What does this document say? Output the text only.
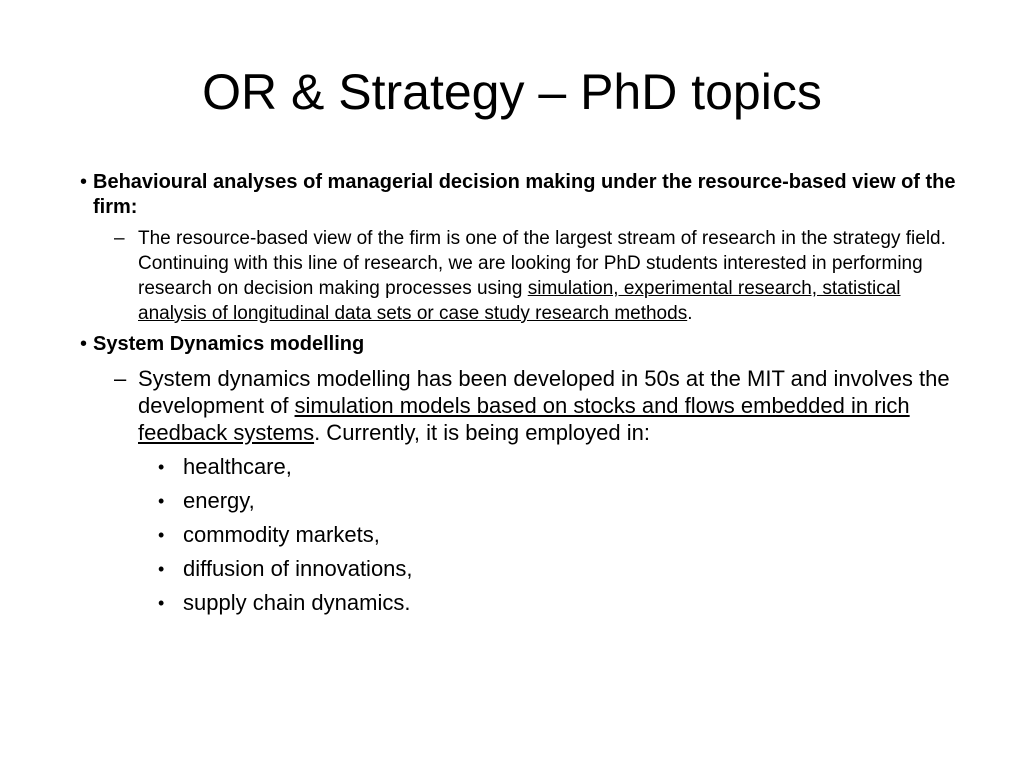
OR & Strategy – PhD topics
• Behavioural analyses of managerial decision making under the resource-based view of the firm:
– The resource-based view of the firm is one of the largest stream of research in the strategy field. Continuing with this line of research, we are looking for PhD students interested in performing research on decision making processes using simulation, experimental research, statistical analysis of longitudinal data sets or case study research methods.
• System Dynamics modelling
– System dynamics modelling has been developed in 50s at the MIT and involves the development of simulation models based on stocks and flows embedded in rich feedback systems. Currently, it is being employed in:
• healthcare,
• energy,
• commodity markets,
• diffusion of innovations,
• supply chain dynamics.
